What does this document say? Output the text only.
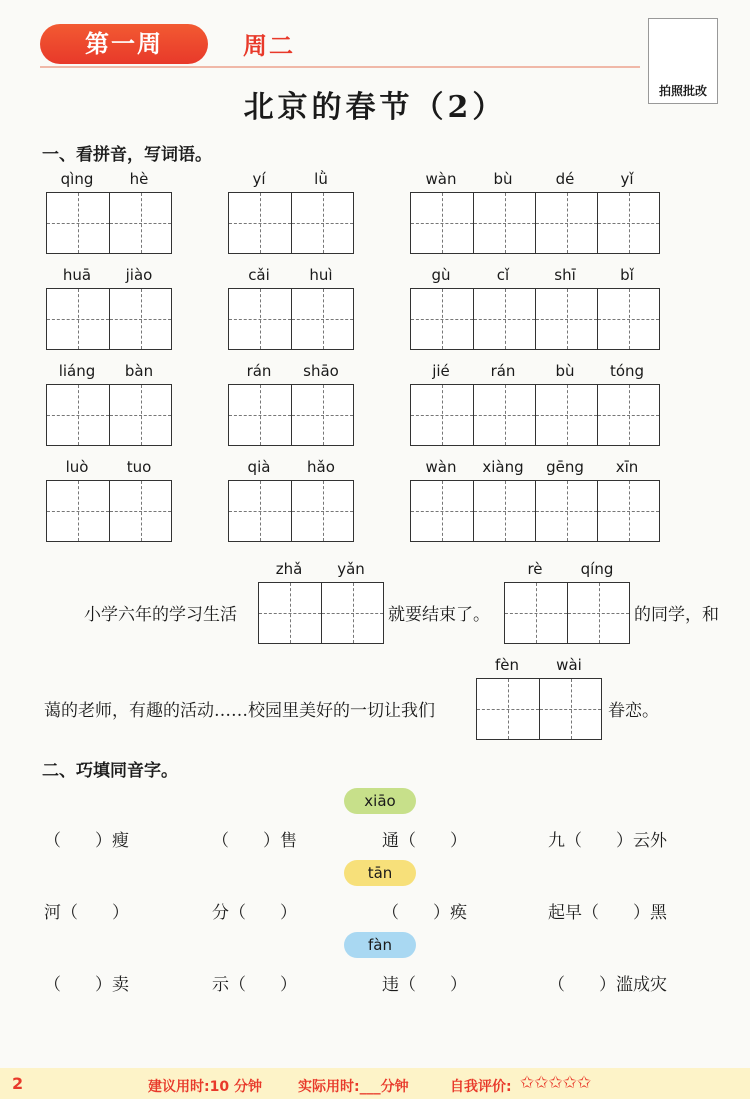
第一周	周二
拍照批改
北京的春节（2）
一、看拼音，写词语。
qìng	hè	yí	lǜ	wàn	bù	dé	yǐ
huā	jiào	cǎi	huì	gù	cǐ	shī	bǐ
liáng	bàn	rán	shāo	jié	rán	bù	tóng
luò	tuo	qià	hǎo	wàn	xiàng	gēng	xīn
zhǎ	yǎn	rè	qíng
小学六年的学习生活	就要结束了。	的同学，和
fèn	wài
蔼的老师，有趣的活动……校园里美好的一切让我们	眷恋。
二、巧填同音字。
xiāo
（　　）瘦	（　　）售	通（　　）	九（　　）云外
tān
河（　　）	分（　　）	（　　）痪	起早（　　）黑
fàn
（　　）卖	示（　　）	违（　　）	（　　）滥成灾
2	建议用时:10 分钟	实际用时:___分钟	自我评价: ✩✩✩✩✩
